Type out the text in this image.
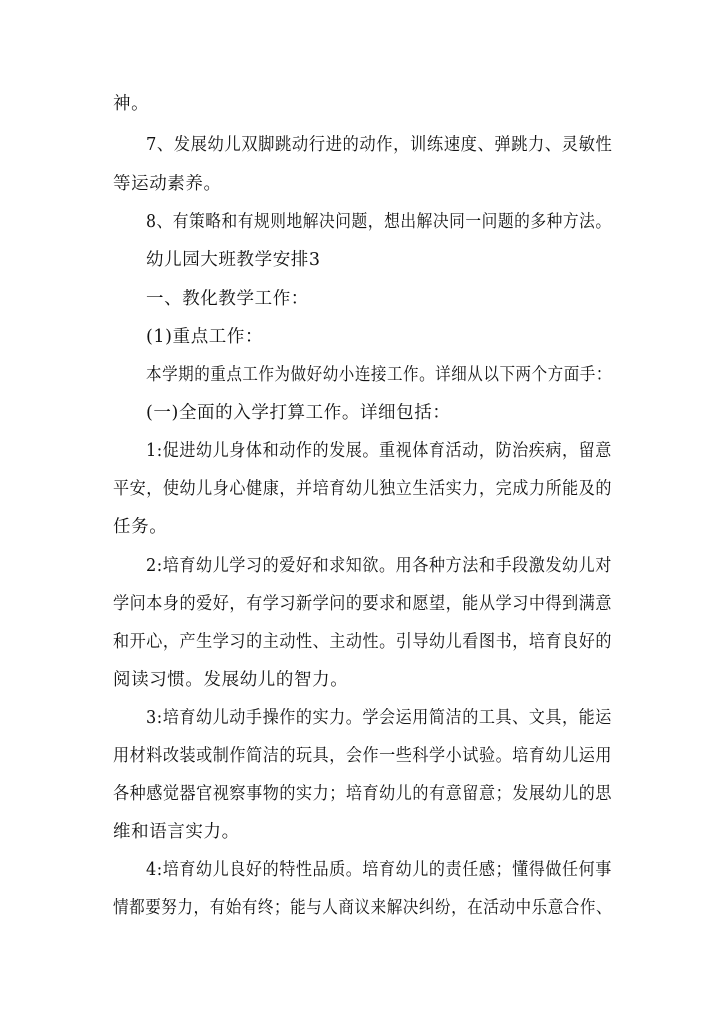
神。
7、发展幼儿双脚跳动行进的动作，训练速度、弹跳力、灵敏性
等运动素养。
8、有策略和有规则地解决问题，想出解决同一问题的多种方法。
幼儿园大班教学安排3
一、教化教学工作：
(1)重点工作：
本学期的重点工作为做好幼小连接工作。详细从以下两个方面手：
(一)全面的入学打算工作。详细包括：
1:促进幼儿身体和动作的发展。重视体育活动，防治疾病，留意
平安，使幼儿身心健康，并培育幼儿独立生活实力，完成力所能及的
任务。
2:培育幼儿学习的爱好和求知欲。用各种方法和手段激发幼儿对
学问本身的爱好，有学习新学问的要求和愿望，能从学习中得到满意
和开心，产生学习的主动性、主动性。引导幼儿看图书，培育良好的
阅读习惯。发展幼儿的智力。
3:培育幼儿动手操作的实力。学会运用简洁的工具、文具，能运
用材料改装或制作简洁的玩具，会作一些科学小试验。培育幼儿运用
各种感觉器官视察事物的实力；培育幼儿的有意留意；发展幼儿的思
维和语言实力。
4:培育幼儿良好的特性品质。培育幼儿的责任感；懂得做任何事
情都要努力，有始有终；能与人商议来解决纠纷，在活动中乐意合作、
